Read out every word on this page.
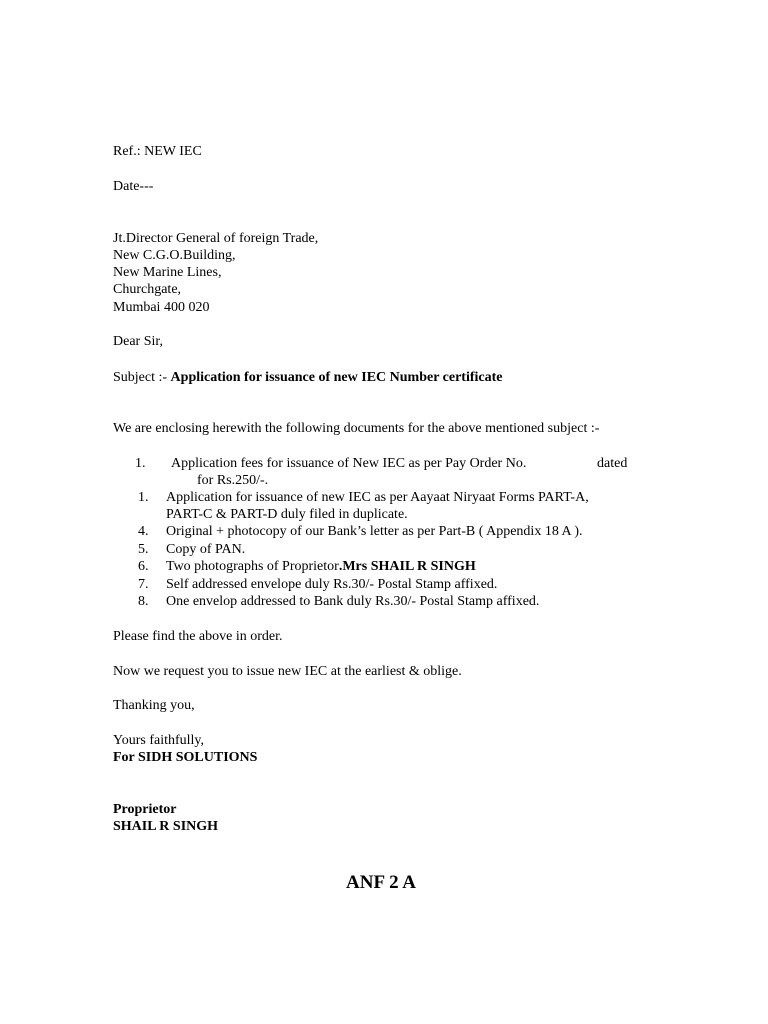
Ref.: NEW IEC
Date---
Jt.Director General of foreign Trade,
New C.G.O.Building,
New Marine Lines,
Churchgate,
Mumbai 400 020
Dear Sir,
Subject :- Application for issuance of new IEC Number certificate
We are enclosing herewith the following documents for the above mentioned subject :-
1. Application fees for issuance of New IEC as per Pay Order No.	dated
for Rs.250/-.
1. Application for issuance of new IEC as per Aayaat Niryaat Forms PART-A,
PART-C & PART-D duly filed in duplicate.
4. Original + photocopy of our Bank’s letter as per Part-B ( Appendix 18 A ).
5. Copy of PAN.
6. Two photographs of Proprietor.Mrs SHAIL R SINGH
7. Self addressed envelope duly Rs.30/- Postal Stamp affixed.
8. One envelop addressed to Bank duly Rs.30/- Postal Stamp affixed.
Please find the above in order.
Now we request you to issue new IEC at the earliest & oblige.
Thanking you,
Yours faithfully,
For SIDH SOLUTIONS
Proprietor
SHAIL R SINGH
ANF 2 A
